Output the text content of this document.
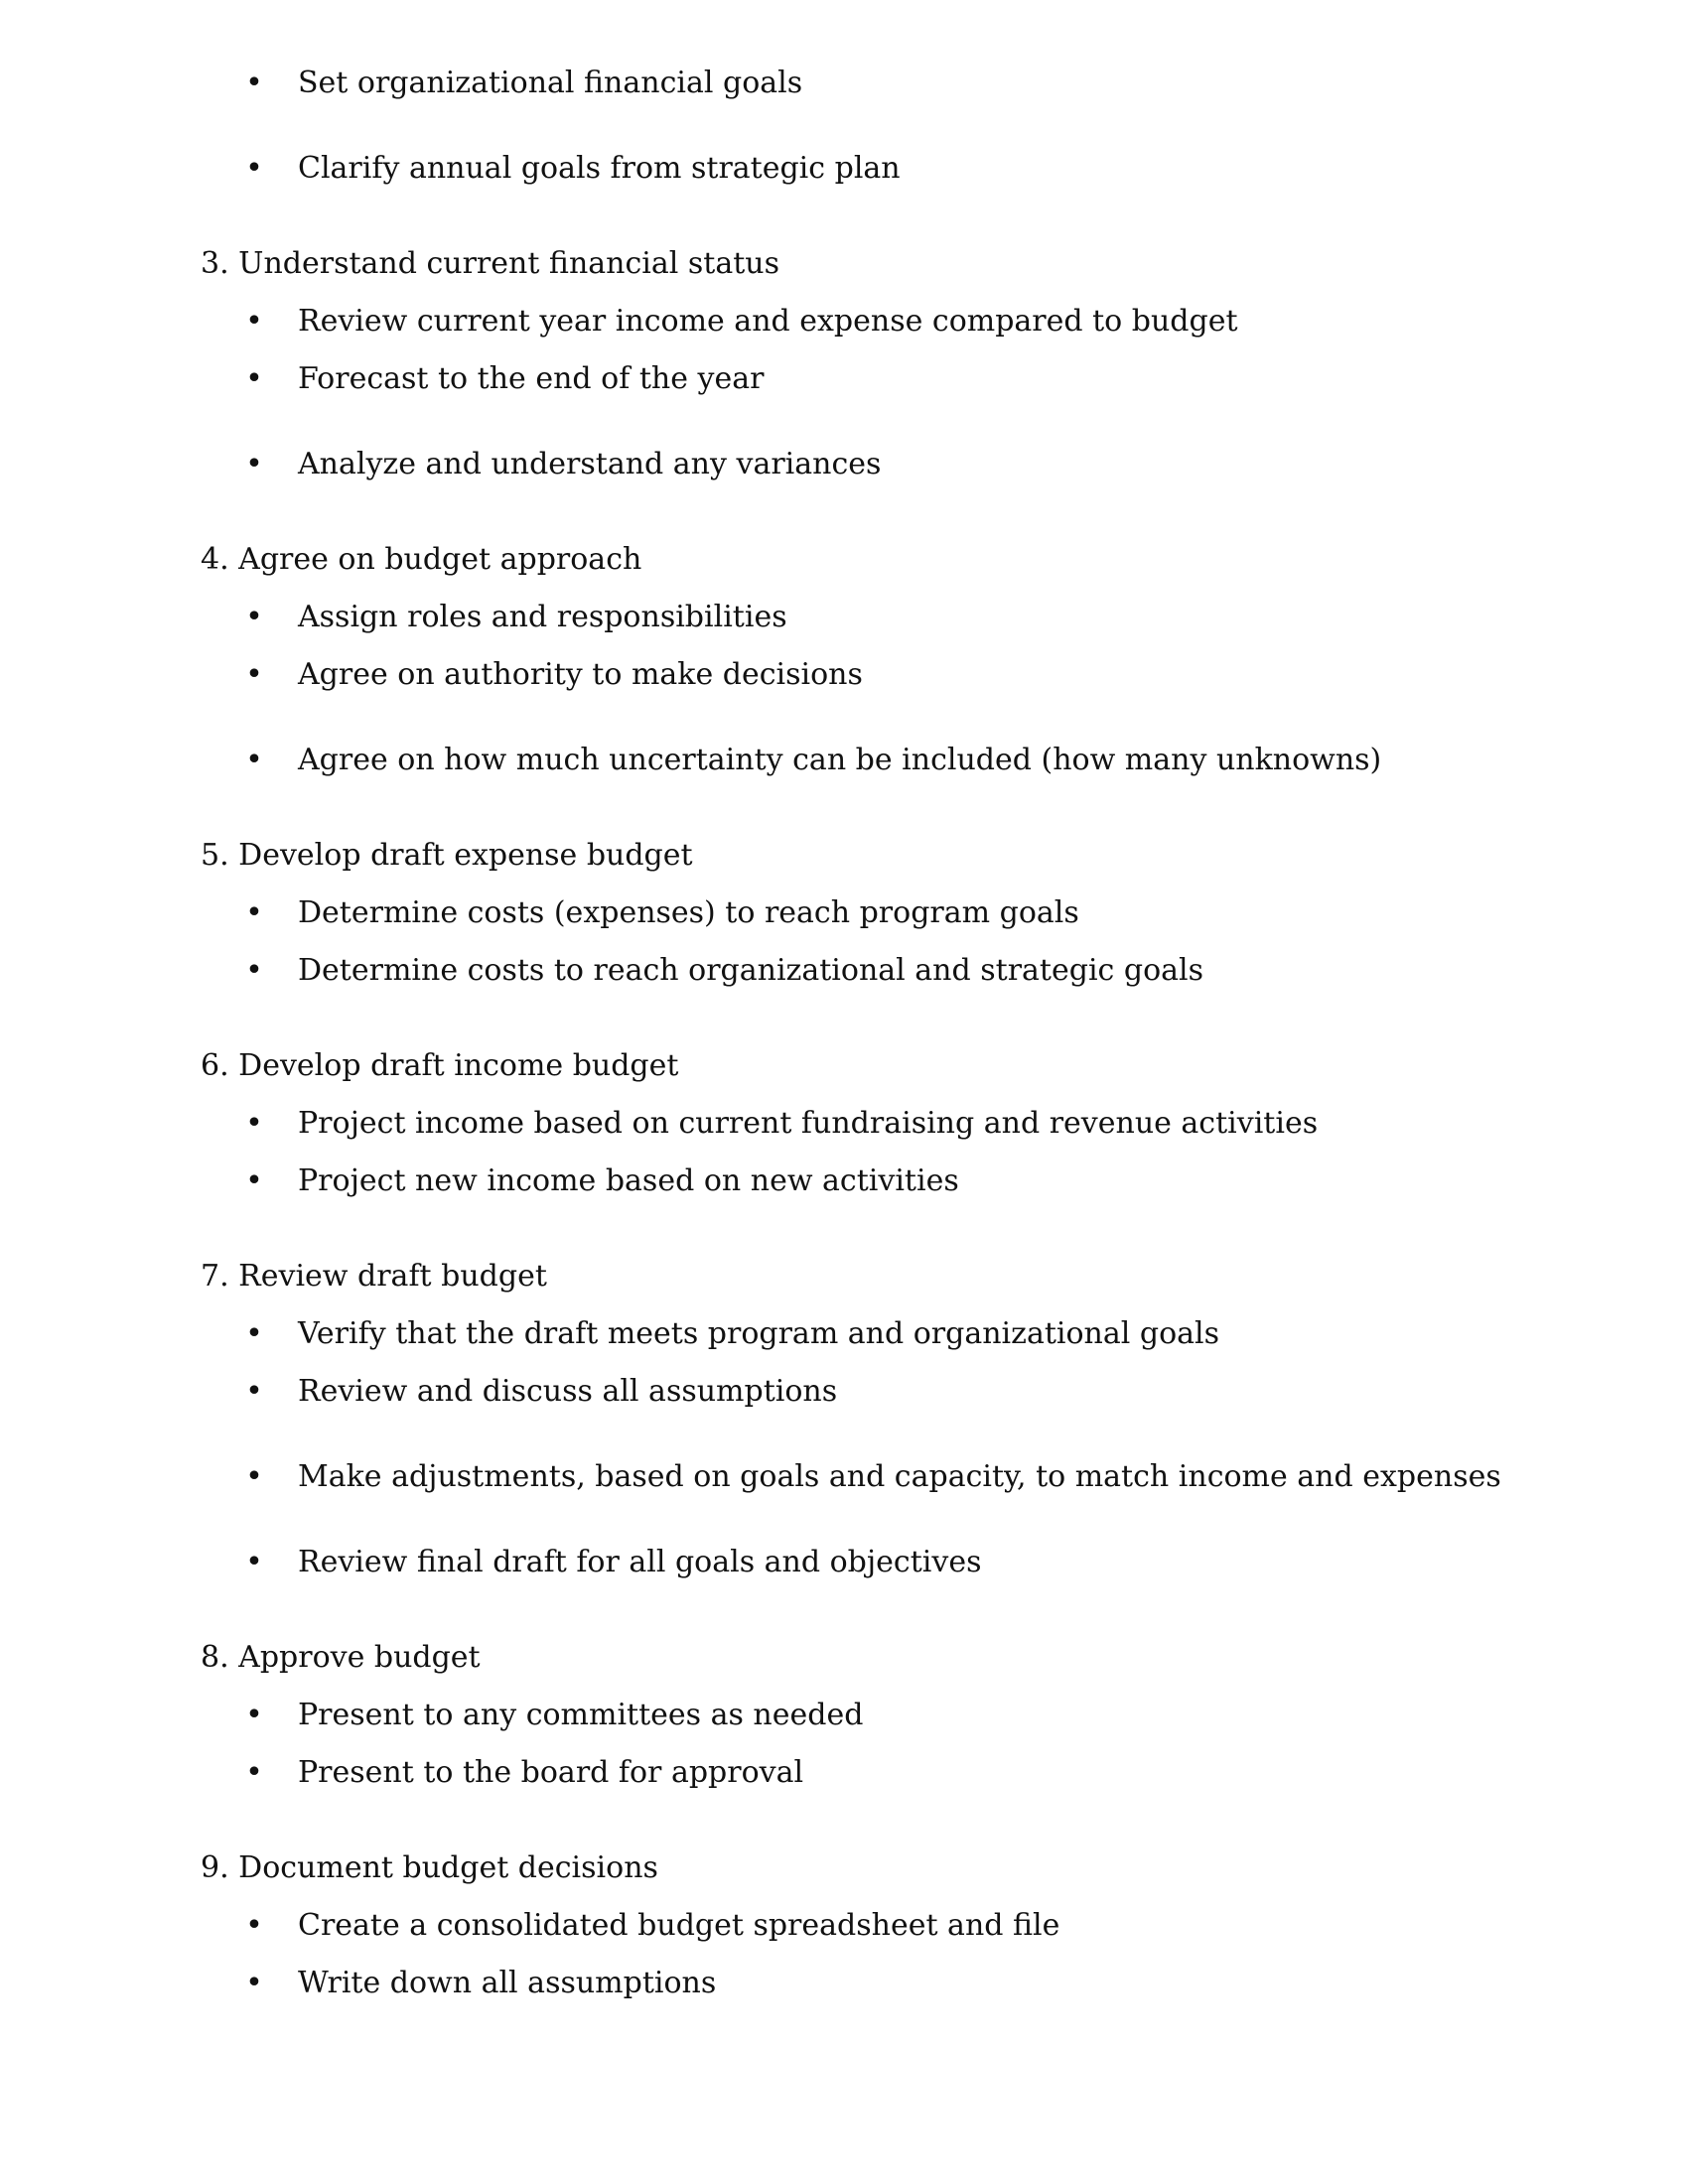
• Set organizational financial goals
• Clarify annual goals from strategic plan
3. Understand current financial status
• Review current year income and expense compared to budget
• Forecast to the end of the year
• Analyze and understand any variances
4. Agree on budget approach
• Assign roles and responsibilities
• Agree on authority to make decisions
• Agree on how much uncertainty can be included (how many unknowns)
5. Develop draft expense budget
• Determine costs (expenses) to reach program goals
• Determine costs to reach organizational and strategic goals
6. Develop draft income budget
• Project income based on current fundraising and revenue activities
• Project new income based on new activities
7. Review draft budget
• Verify that the draft meets program and organizational goals
• Review and discuss all assumptions
• Make adjustments, based on goals and capacity, to match income and expenses
• Review final draft for all goals and objectives
8. Approve budget
• Present to any committees as needed
• Present to the board for approval
9. Document budget decisions
• Create a consolidated budget spreadsheet and file
• Write down all assumptions
